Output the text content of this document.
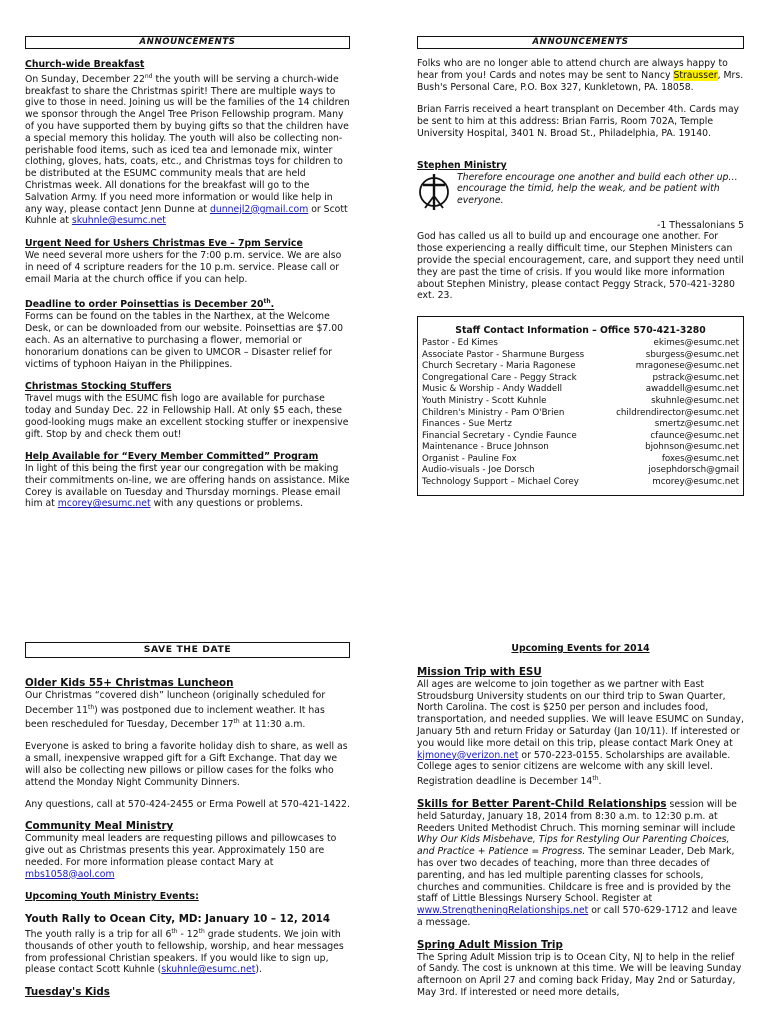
ANNOUNCEMENTS
Church-wide Breakfast

On Sunday, December 22nd the youth will be serving a church-wide breakfast to share the Christmas spirit! There are multiple ways to give to those in need. Joining us will be the families of the 14 children we sponsor through the Angel Tree Prison Fellowship program. Many of you have supported them by buying gifts so that the children have a special memory this holiday. The youth will also be collecting non-perishable food items, such as iced tea and lemonade mix, winter clothing, gloves, hats, coats, etc., and Christmas toys for children to be distributed at the ESUMC community meals that are held Christmas week. All donations for the breakfast will go to the Salvation Army. If you need more information or would like help in any way, please contact Jenn Dunne at dunnejl2@gmail.com or Scott Kuhnle at skuhnle@esumc.net

Urgent Need for Ushers Christmas Eve – 7pm Service

We need several more ushers for the 7:00 p.m. service. We are also in need of 4 scripture readers for the 10 p.m. service. Please call or email Maria at the church office if you can help.

Deadline to order Poinsettias is December 20th.

Forms can be found on the tables in the Narthex, at the Welcome Desk, or can be downloaded from our website. Poinsettias are $7.00 each. As an alternative to purchasing a flower, memorial or honorarium donations can be given to UMCOR – Disaster relief for victims of typhoon Haiyan in the Philippines.

Christmas Stocking Stuffers

Travel mugs with the ESUMC fish logo are available for purchase today and Sunday Dec. 22 in Fellowship Hall. At only $5 each, these good-looking mugs make an excellent stocking stuffer or inexpensive gift. Stop by and check them out!

Help Available for “Every Member Committed” Program

In light of this being the first year our congregation with be making their commitments on-line, we are offering hands on assistance. Mike Corey is available on Tuesday and Thursday mornings. Please email him at mcorey@esumc.net with any questions or problems.

ANNOUNCEMENTS

Folks who are no longer able to attend church are always happy to hear from you! Cards and notes may be sent to Nancy Strausser, Mrs. Bush's Personal Care, P.O. Box 327, Kunkletown, PA. 18058.

Brian Farris received a heart transplant on December 4th. Cards may be sent to him at this address: Brian Farris, Room 702A, Temple University Hospital, 3401 N. Broad St., Philadelphia, PA. 19140.

Stephen Ministry

Therefore encourage one another and build each other up…encourage the timid, help the weak, and be patient with everyone.

-1 Thessalonians 5

God has called us all to build up and encourage one another. For those experiencing a really difficult time, our Stephen Ministers can provide the special encouragement, care, and support they need until they are past the time of crisis. If you would like more information about Stephen Ministry, please contact Peggy Strack, 570-421-3280 ext. 23.

Staff Contact Information – Office 570-421-3280
Pastor - Ed Kimes	ekimes@esumc.net
Associate Pastor - Sharmune Burgess	sburgess@esumc.net
Church Secretary - Maria Ragonese	mragonese@esumc.net
Congregational Care - Peggy Strack	pstrack@esumc.net
Music & Worship - Andy Waddell	awaddell@esumc.net
Youth Ministry - Scott Kuhnle	skuhnle@esumc.net
Children's Ministry - Pam O'Brien	childrendirector@esumc.net
Finances - Sue Mertz	smertz@esumc.net
Financial Secretary - Cyndie Faunce	cfaunce@esumc.net
Maintenance - Bruce Johnson	bjohnson@esumc.net
Organist - Pauline Fox	foxes@esumc.net
Audio-visuals - Joe Dorsch	josephdorsch@gmail
Technology Support – Michael Corey	mcorey@esumc.net
SAVE THE DATE
Older Kids 55+ Christmas Luncheon

Our Christmas “covered dish” luncheon (originally scheduled for December 11th) was postponed due to inclement weather. It has been rescheduled for Tuesday, December 17th at 11:30 a.m.

Everyone is asked to bring a favorite holiday dish to share, as well as a small, inexpensive wrapped gift for a Gift Exchange. That day we will also be collecting new pillows or pillow cases for the folks who attend the Monday Night Community Dinners.

Any questions, call at 570-424-2455 or Erma Powell at 570-421-1422.

Community Meal Ministry

Community meal leaders are requesting pillows and pillowcases to give out as Christmas presents this year. Approximately 150 are needed. For more information please contact Mary at mbs1058@aol.com

Upcoming Youth Ministry Events:
Youth Rally to Ocean City, MD: January 10 – 12, 2014

The youth rally is a trip for all 6th - 12th grade students. We join with thousands of other youth to fellowship, worship, and hear messages from professional Christian speakers. If you would like to sign up, please contact Scott Kuhnle (skuhnle@esumc.net).

Tuesday's Kids
Upcoming Events for 2014
Mission Trip with ESU

All ages are welcome to join together as we partner with East Stroudsburg University students on our third trip to Swan Quarter, North Carolina. The cost is $250 per person and includes food, transportation, and needed supplies. We will leave ESUMC on Sunday, January 5th and return Friday or Saturday (Jan 10/11). If interested or you would like more detail on this trip, please contact Mark Oney at kjmoney@verizon.net or 570-223-0155. Scholarships are available. College ages to senior citizens are welcome with any skill level. Registration deadline is December 14th.

Skills for Better Parent-Child Relationships session will be held Saturday, January 18, 2014 from 8:30 a.m. to 12:30 p.m. at Reeders United Methodist Chruch. This morning seminar will include Why Our Kids Misbehave, Tips for Restyling Our Parenting Choices, and Practice + Patience = Progress. The seminar Leader, Deb Mark, has over two decades of teaching, more than three decades of parenting, and has led multiple parenting classes for schools, churches and communities. Childcare is free and is provided by the staff of Little Blessings Nursery School. Register at www.StrengtheningRelationships.net or call 570-629-1712 and leave a message.

Spring Adult Mission Trip

The Spring Adult Mission trip is to Ocean City, NJ to help in the relief of Sandy. The cost is unknown at this time. We will be leaving Sunday afternoon on April 27 and coming back Friday, May 2nd or Saturday, May 3rd. If interested or need more details,
